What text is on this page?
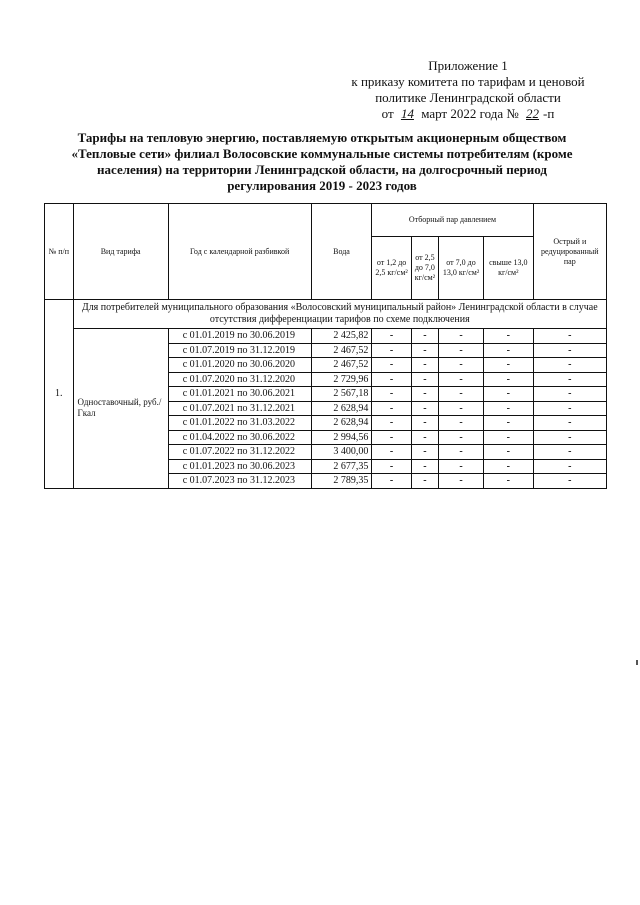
Приложение 1
к приказу комитета по тарифам и ценовой
политике Ленинградской области
от 14 март 2022 года № 22 -п
Тарифы на тепловую энергию, поставляемую открытым акционерным обществом «Тепловые сети» филиал Волосовские коммунальные системы потребителям (кроме населения) на территории Ленинградской области, на долгосрочный период регулирования 2019 - 2023 годов
№ п/п	Вид тарифа	Год с календарной разбивкой	Вода	Отборный пар давлением				Острый и редуцированный пар
				от 1,2 до 2,5 кг/см²	от 2,5 до 7,0 кг/см²	от 7,0 до 13,0 кг/см²	свыше 13,0 кг/см²	
1.	Для потребителей муниципального образования «Волосовский муниципальный район» Ленинградской области в случае отсутствия дифференциации тарифов по схеме подключения							
	Одноставочный, руб./Гкал	с 01.01.2019 по 30.06.2019	2 425,82	-	-	-	-	-
		с 01.07.2019 по 31.12.2019	2 467,52	-	-	-	-	-
		с 01.01.2020 по 30.06.2020	2 467,52	-	-	-	-	-
		с 01.07.2020 по 31.12.2020	2 729,96	-	-	-	-	-
		с 01.01.2021 по 30.06.2021	2 567,18	-	-	-	-	-
		с 01.07.2021 по 31.12.2021	2 628,94	-	-	-	-	-
		с 01.01.2022 по 31.03.2022	2 628,94	-	-	-	-	-
		с 01.04.2022 по 30.06.2022	2 994,56	-	-	-	-	-
		с 01.07.2022 по 31.12.2022	3 400,00	-	-	-	-	-
		с 01.01.2023 по 30.06.2023	2 677,35	-	-	-	-	-
		с 01.07.2023 по 31.12.2023	2 789,35	-	-	-	-	-
